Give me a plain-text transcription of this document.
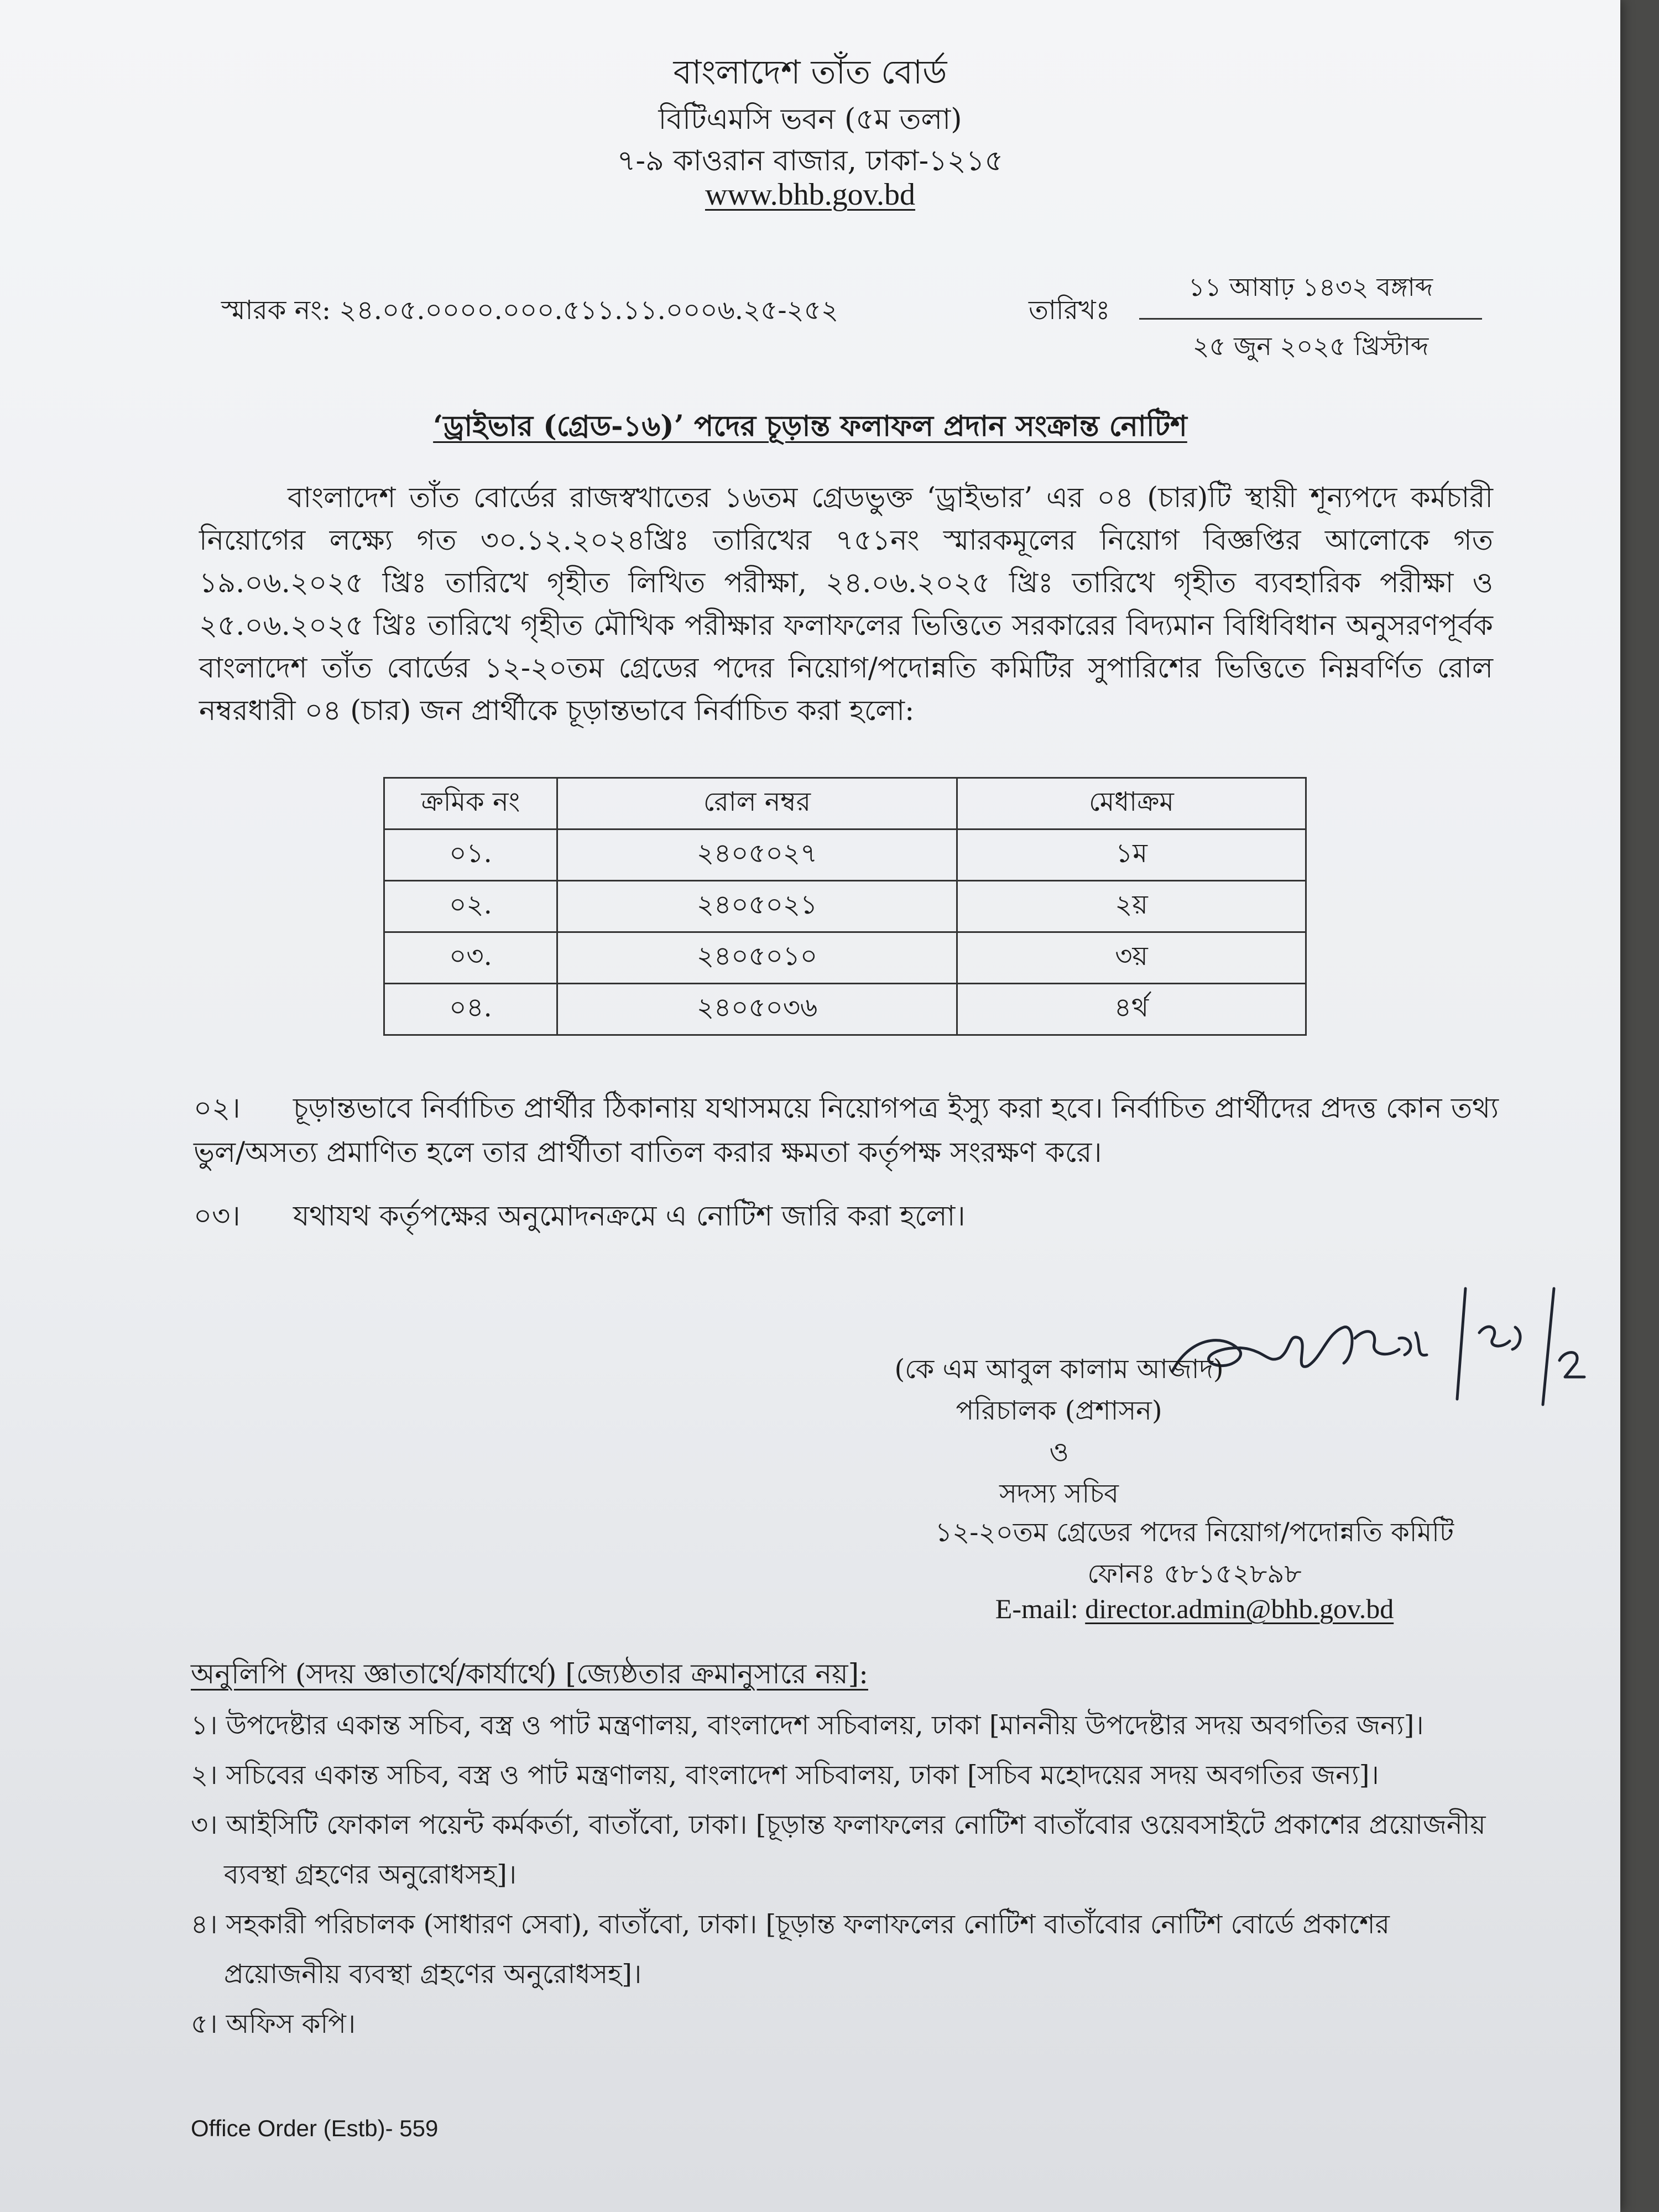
বাংলাদেশ তাঁত বোর্ড
বিটিএমসি ভবন (৫ম তলা)
৭-৯ কাওরান বাজার, ঢাকা-১২১৫
www.bhb.gov.bd
স্মারক নং: ২৪.০৫.০০০০.০০০.৫১১.১১.০০০৬.২৫-২৫২	তারিখঃ
১১ আষাঢ় ১৪৩২ বঙ্গাব্দ
২৫ জুন ২০২৫ খ্রিস্টাব্দ
‘ড্রাইভার (গ্রেড-১৬)’ পদের চূড়ান্ত ফলাফল প্রদান সংক্রান্ত নোটিশ
বাংলাদেশ তাঁত বোর্ডের রাজস্বখাতের ১৬তম গ্রেডভুক্ত ‘ড্রাইভার’ এর ০৪ (চার)টি স্থায়ী শূন্যপদে কর্মচারী নিয়োগের লক্ষ্যে গত ৩০.১২.২০২৪খ্রিঃ তারিখের ৭৫১নং স্মারকমূলের নিয়োগ বিজ্ঞপ্তির আলোকে গত ১৯.০৬.২০২৫ খ্রিঃ তারিখে গৃহীত লিখিত পরীক্ষা, ২৪.০৬.২০২৫ খ্রিঃ তারিখে গৃহীত ব্যবহারিক পরীক্ষা ও ২৫.০৬.২০২৫ খ্রিঃ তারিখে গৃহীত মৌখিক পরীক্ষার ফলাফলের ভিত্তিতে সরকারের বিদ্যমান বিধিবিধান অনুসরণপূর্বক বাংলাদেশ তাঁত বোর্ডের ১২-২০তম গ্রেডের পদের নিয়োগ/পদোন্নতি কমিটির সুপারিশের ভিত্তিতে নিম্নবর্ণিত রোল নম্বরধারী ০৪ (চার) জন প্রার্থীকে চূড়ান্তভাবে নির্বাচিত করা হলো:
ক্রমিক নং	রোল নম্বর	মেধাক্রম
০১.	২৪০৫০২৭	১ম
০২.	২৪০৫০২১	২য়
০৩.	২৪০৫০১০	৩য়
০৪.	২৪০৫০৩৬	৪র্থ
০২। চূড়ান্তভাবে নির্বাচিত প্রার্থীর ঠিকানায় যথাসময়ে নিয়োগপত্র ইস্যু করা হবে। নির্বাচিত প্রার্থীদের প্রদত্ত কোন তথ্য ভুল/অসত্য প্রমাণিত হলে তার প্রার্থীতা বাতিল করার ক্ষমতা কর্তৃপক্ষ সংরক্ষণ করে।
০৩। যথাযথ কর্তৃপক্ষের অনুমোদনক্রমে এ নোটিশ জারি করা হলো।
(কে এম আবুল কালাম আজাদ)
পরিচালক (প্রশাসন)
ও
সদস্য সচিব
১২-২০তম গ্রেডের পদের নিয়োগ/পদোন্নতি কমিটি
ফোনঃ ৫৮১৫২৮৯৮
E-mail: director.admin@bhb.gov.bd
অনুলিপি (সদয় জ্ঞাতার্থে/কার্যার্থে) [জ্যেষ্ঠতার ক্রমানুসারে নয়]:
১। উপদেষ্টার একান্ত সচিব, বস্ত্র ও পাট মন্ত্রণালয়, বাংলাদেশ সচিবালয়, ঢাকা [মাননীয় উপদেষ্টার সদয় অবগতির জন্য]।
২। সচিবের একান্ত সচিব, বস্ত্র ও পাট মন্ত্রণালয়, বাংলাদেশ সচিবালয়, ঢাকা [সচিব মহোদয়ের সদয় অবগতির জন্য]।
৩। আইসিটি ফোকাল পয়েন্ট কর্মকর্তা, বাতাঁবো, ঢাকা। [চূড়ান্ত ফলাফলের নোটিশ বাতাঁবোর ওয়েবসাইটে প্রকাশের প্রয়োজনীয় ব্যবস্থা গ্রহণের অনুরোধসহ]।
৪। সহকারী পরিচালক (সাধারণ সেবা), বাতাঁবো, ঢাকা। [চূড়ান্ত ফলাফলের নোটিশ বাতাঁবোর নোটিশ বোর্ডে প্রকাশের প্রয়োজনীয় ব্যবস্থা গ্রহণের অনুরোধসহ]।
৫। অফিস কপি।
Office Order (Estb)- 559
